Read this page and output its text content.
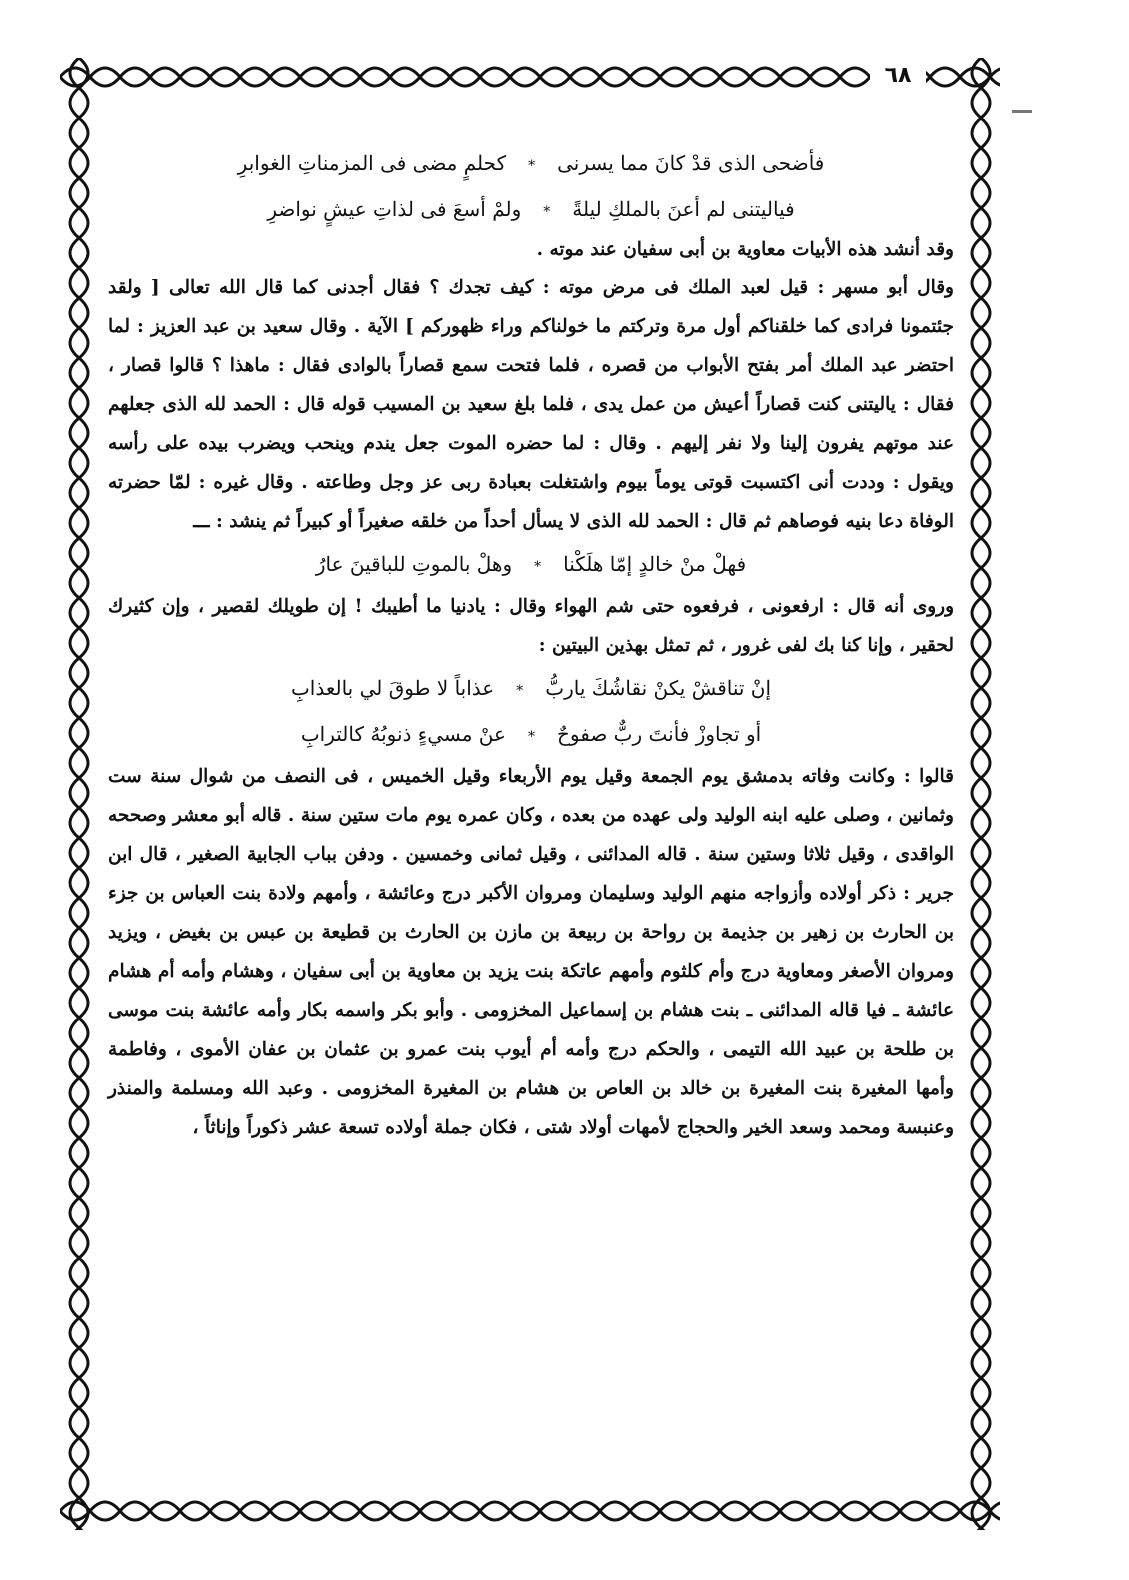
٦٨
فأضحى الذى قدْ كانَ مما يسرنى
*
كحلمٍ مضى فى المزمناتِ الغوابرِ
فياليتنى لم أعنَ بالملكِ ليلةً
*
ولمْ أسعَ فى لذاتِ عيشٍ نواضرِ

وقد أنشد هذه الأبيات معاوية بن أبى سفيان عند موته .

وقال أبو مسهر : قيل لعبد الملك فى مرض موته : كيف تجدك ؟ فقال أجدنى كما قال الله تعالى [ ولقد جئتمونا فرادى كما خلقناكم أول مرة وتركتم ما خولناكم وراء ظهوركم ] الآية . وقال سعيد بن عبد العزيز : لما احتضر عبد الملك أمر بفتح الأبواب من قصره ، فلما فتحت سمع قصاراً بالوادى فقال : ماهذا ؟ قالوا قصار ، فقال : ياليتنى كنت قصاراً أعيش من عمل يدى ، فلما بلغ سعيد بن المسيب قوله قال : الحمد لله الذى جعلهم عند موتهم يفرون إلينا ولا نفر إليهم . وقال : لما حضره الموت جعل يندم وينحب ويضرب بيده على رأسه ويقول : وددت أنى اكتسبت قوتى يوماً بيوم واشتغلت بعبادة ربى عز وجل وطاعته . وقال غيره : لمّا حضرته الوفاة دعا بنيه فوصاهم ثم قال : الحمد لله الذى لا يسأل أحداً من خلقه صغيراً أو كبيراً ثم ينشد : ـــ

فهلْ منْ خالدٍ إمّا هلَكْنا
*
وهلْ بالموتِ للباقينَ عارُ

وروى أنه قال : ارفعونى ، فرفعوه حتى شم الهواء وقال : يادنيا ما أطيبك ! إن طويلك لقصير ، وإن كثيرك لحقير ، وإنا كنا بك لفى غرور ، ثم تمثل بهذين البيتين :

إنْ تناقشْ يكنْ نقاشُكَ ياربُّ
*
عذاباً لا طوقَ لي بالعذابِ
أو تجاوزْ فأنتَ ربٌّ صفوحٌ
*
عنْ مسيءٍ ذنوبُهُ كالترابِ

قالوا : وكانت وفاته بدمشق يوم الجمعة وقيل يوم الأربعاء وقيل الخميس ، فى النصف من شوال سنة ست وثمانين ، وصلى عليه ابنه الوليد ولى عهده من بعده ، وكان عمره يوم مات ستين سنة . قاله أبو معشر وصححه الواقدى ، وقيل ثلاثا وستين سنة . قاله المدائنى ، وقيل ثمانى وخمسين . ودفن بباب الجابية الصغير ، قال ابن جرير : ذكر أولاده وأزواجه منهم الوليد وسليمان ومروان الأكبر درج وعائشة ، وأمهم ولادة بنت العباس بن جزء بن الحارث بن زهير بن جذيمة بن رواحة بن ربيعة بن مازن بن الحارث بن قطيعة بن عبس بن بغيض ، ويزيد ومروان الأصغر ومعاوية درج وأم كلثوم وأمهم عاتكة بنت يزيد بن معاوية بن أبى سفيان ، وهشام وأمه أم هشام عائشة ـ فيا قاله المدائنى ـ بنت هشام بن إسماعيل المخزومى . وأبو بكر واسمه بكار وأمه عائشة بنت موسى بن طلحة بن عبيد الله التيمى ، والحكم درج وأمه أم أيوب بنت عمرو بن عثمان بن عفان الأموى ، وفاطمة وأمها المغيرة بنت المغيرة بن خالد بن العاص بن هشام بن المغيرة المخزومى . وعبد الله ومسلمة والمنذر وعنبسة ومحمد وسعد الخير والحجاج لأمهات أولاد شتى ، فكان جملة أولاده تسعة عشر ذكوراً وإناثاً ،
